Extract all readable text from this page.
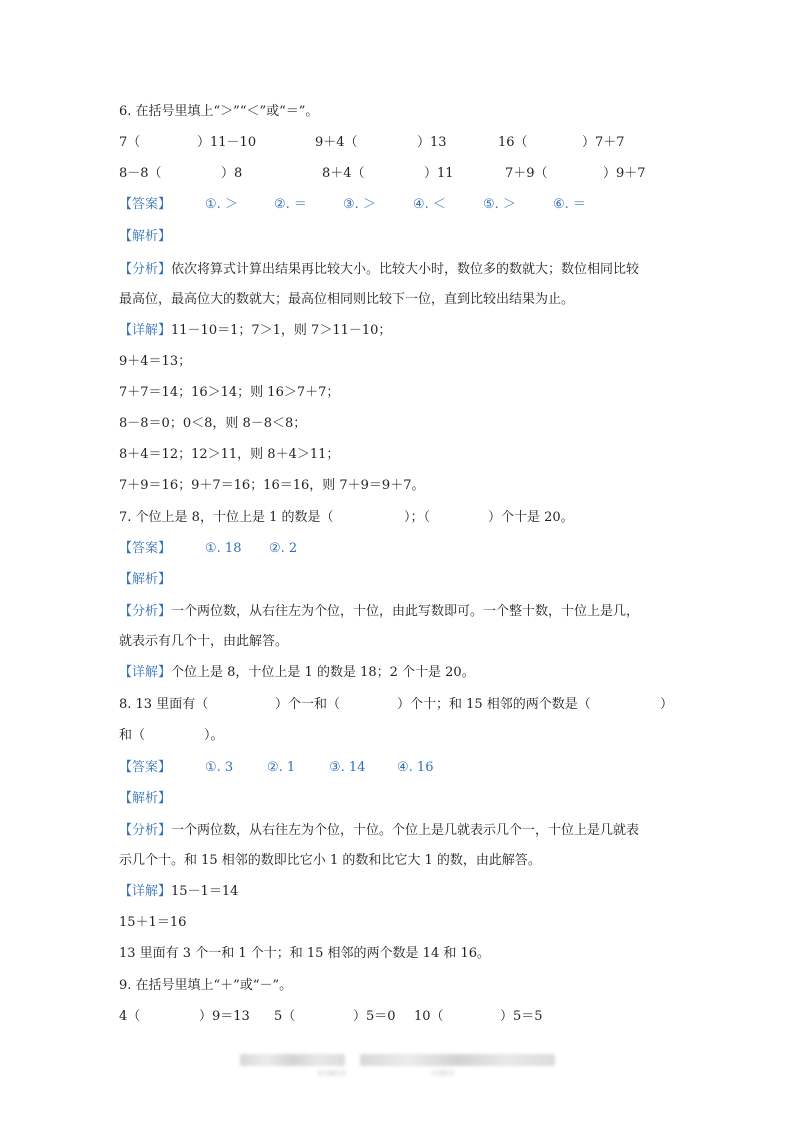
6. 在括号里填上“＞”“＜”或“＝”。
7（	）11－10	9＋4（	）13	16（	）7＋7
8－8（	）8	8＋4（	）11	7＋9（	）9＋7
【答案】	①. ＞	②. ＝	③. ＞	④. ＜	⑤. ＞	⑥. ＝
【解析】
【分析】依次将算式计算出结果再比较大小。比较大小时，数位多的数就大；数位相同比较
最高位，最高位大的数就大；最高位相同则比较下一位，直到比较出结果为止。
【详解】11－10＝1；7＞1，则 7＞11－10；
9＋4＝13；
7＋7＝14；16＞14；则 16＞7＋7；
8－8＝0；0＜8，则 8－8＜8；
8＋4＝12；12＞11，则 8＋4＞11；
7＋9＝16；9＋7＝16；16＝16，则 7＋9＝9＋7。
7. 个位上是 8，十位上是 1 的数是（	）；（	）个十是 20。
【答案】	①. 18 ②. 2
【解析】
【分析】一个两位数，从右往左为个位，十位，由此写数即可。一个整十数，十位上是几，
就表示有几个十，由此解答。
【详解】个位上是 8，十位上是 1 的数是 18；2 个十是 20。
8. 13 里面有（	）个一和（	）个十；和 15 相邻的两个数是（	）
和（	）。
【答案】	①. 3	②. 1	③. 14 ④. 16
【解析】
【分析】一个两位数，从右往左为个位，十位。个位上是几就表示几个一，十位上是几就表
示几个十。和 15 相邻的数即比它小 1 的数和比它大 1 的数，由此解答。
【详解】15－1＝14
15＋1＝16
13 里面有 3 个一和 1 个十；和 15 相邻的两个数是 14 和 16。
9. 在括号里填上“＋”或“－”。
4（	）9＝13 5（	）5＝0 10（	）5＝5
